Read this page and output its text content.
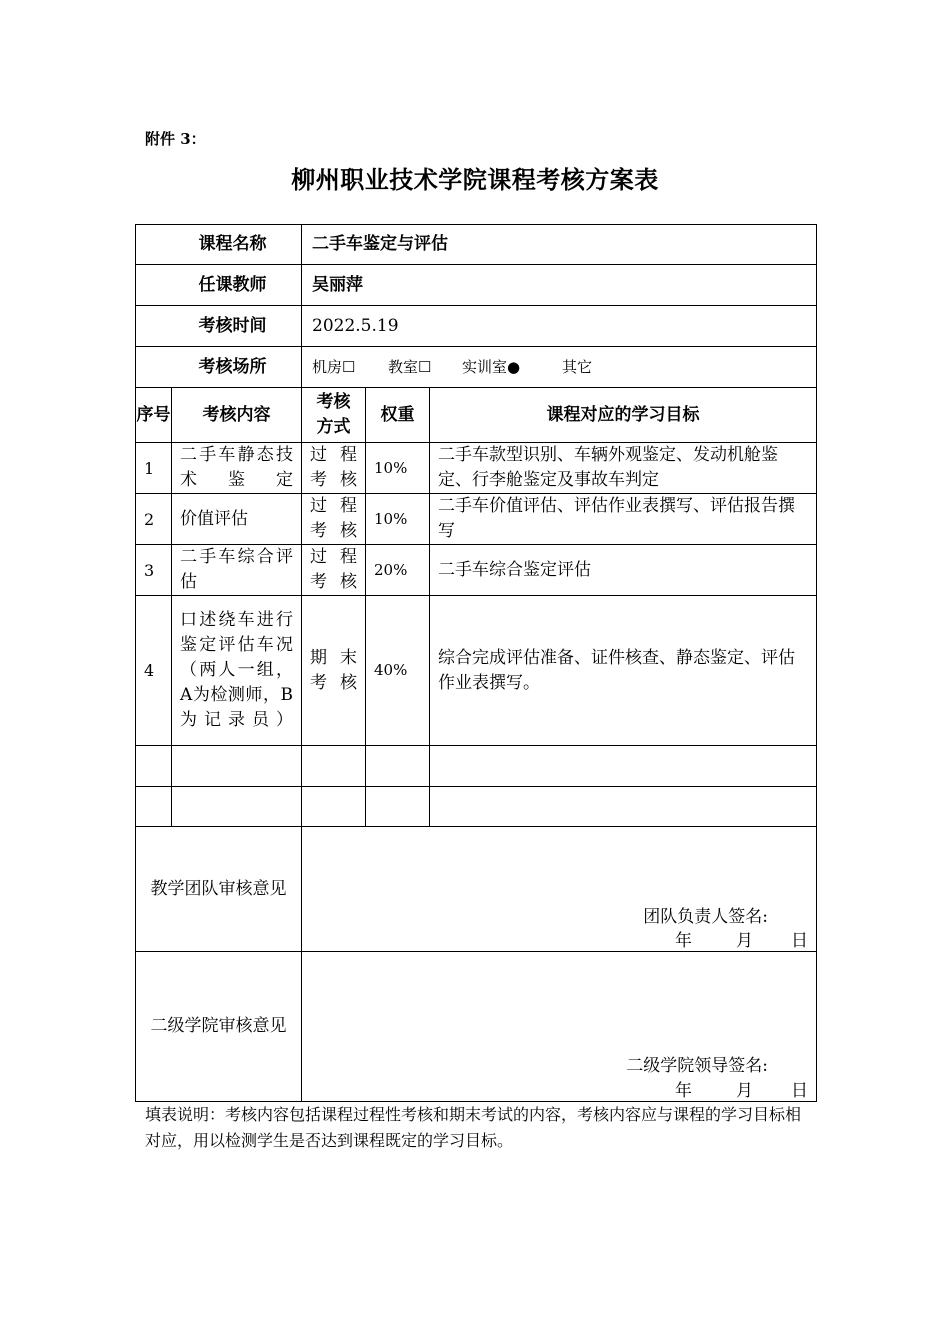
附件 3：
柳州职业技术学院课程考核方案表
课程名称		二手车鉴定与评估		
任课教师		吴丽萍		
考核时间		2022.5.19		
考核场所		机房☐ 教室☐ 实训室● 其它		
序号	考核内容	考核方式	权重	课程对应的学习目标
1	二手车静态技术鉴定	过程考核	10%	二手车款型识别、车辆外观鉴定、发动机舱鉴定、行李舱鉴定及事故车判定
2	价值评估	过程考核	10%	二手车价值评估、评估作业表撰写、评估报告撰写
3	二手车综合评估	过程考核	20%	二手车综合鉴定评估
4	口述绕车进行鉴定评估车况（两人一组，A为检测师，B为记录员）	期末考核	40%	综合完成评估准备、证件核查、静态鉴定、评估作业表撰写。

教学团队审核意见		团队负责人签名:
年 月 日		

二级学院审核意见		二级学院领导签名:
年 月 日		
填表说明：考核内容包括课程过程性考核和期末考试的内容，考核内容应与课程的学习目标相对应，用以检测学生是否达到课程既定的学习目标。
